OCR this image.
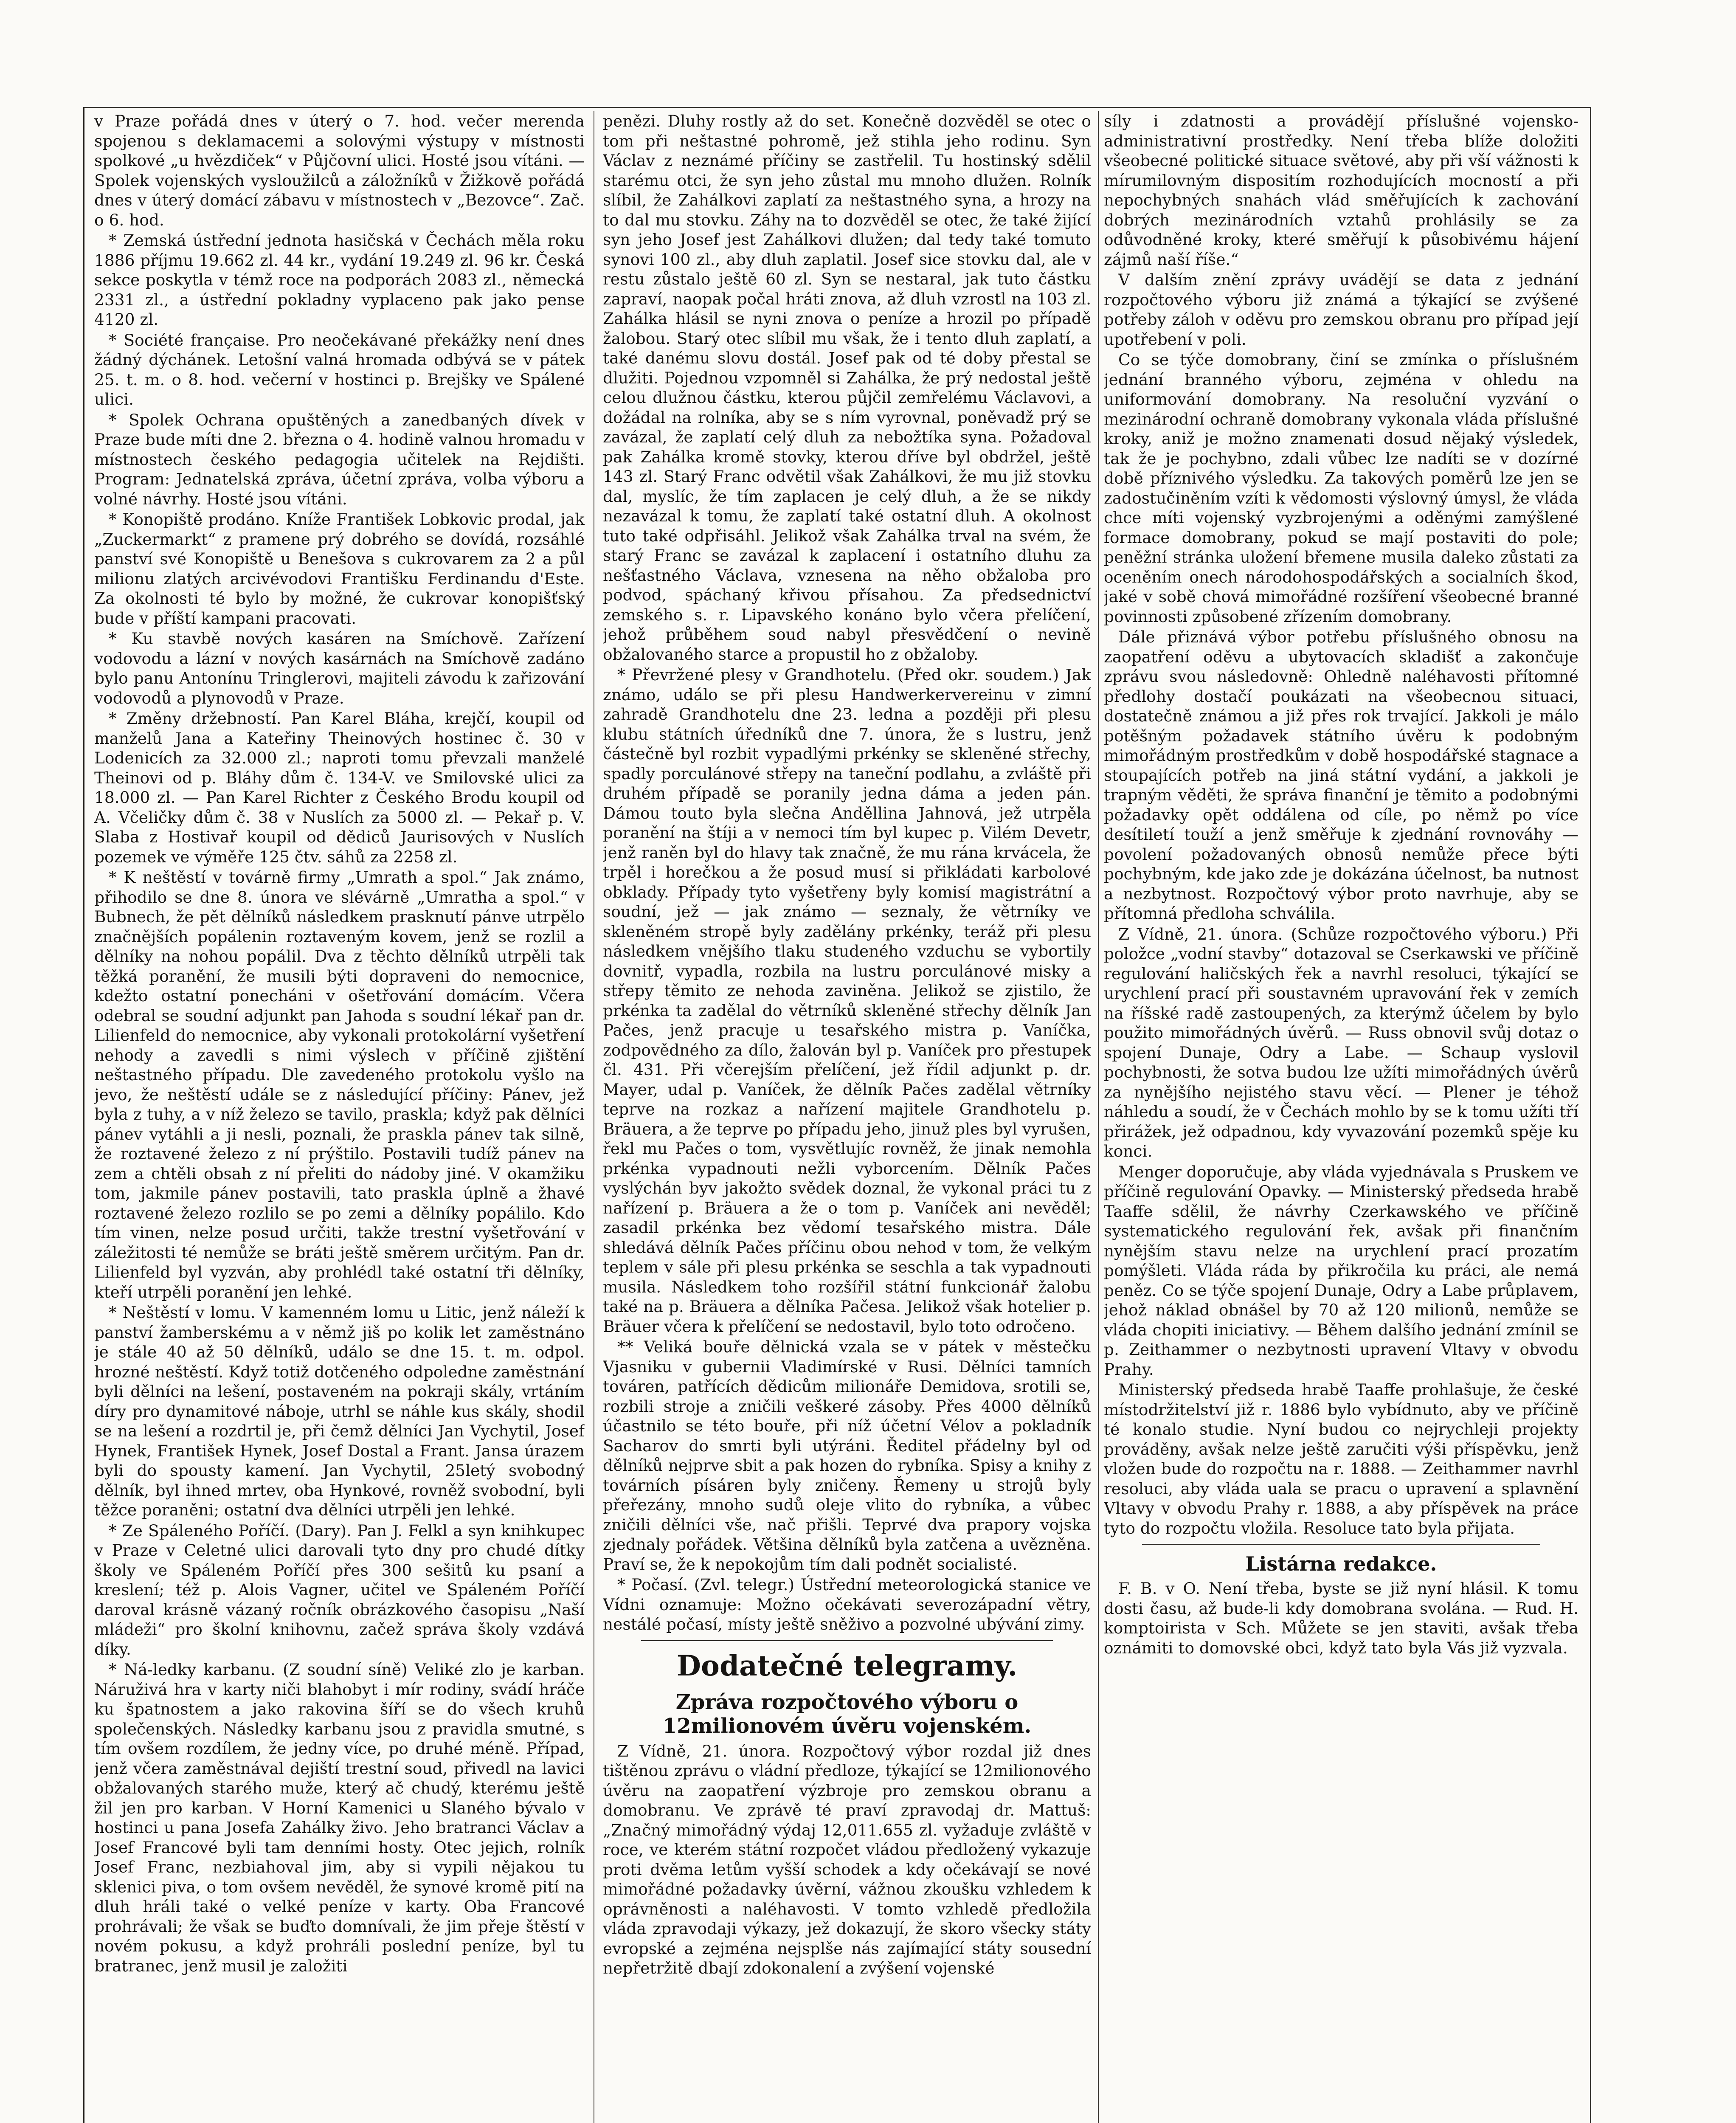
v Praze pořádá dnes v úterý o 7. hod. večer merenda spojenou s deklamacemi a solovými výstupy v místnosti spolkové „u hvězdiček“ v Půjčovní ulici. Hosté jsou vítáni. — Spolek vojenských vysloužilců a záložníků v Žižkově pořádá dnes v úterý domácí zábavu v místnostech v „Bezovce“. Zač. o 6. hod.

* Zemská ústřední jednota hasičská v Čechách měla roku 1886 příjmu 19.662 zl. 44 kr., vydání 19.249 zl. 96 kr. Česká sekce poskytla v témž roce na podporách 2083 zl., německá 2331 zl., a ústřední pokladny vyplaceno pak jako pense 4120 zl.

* Société française. Pro neočekávané překážky není dnes žádný dýchánek. Letošní valná hromada odbývá se v pátek 25. t. m. o 8. hod. večerní v hostinci p. Brejšky ve Spálené ulici.

* Spolek Ochrana opuštěných a zanedbaných dívek v Praze bude míti dne 2. března o 4. hodině valnou hromadu v místnostech českého pedagogia učitelek na Rejdišti. Program: Jednatelská zpráva, účetní zpráva, volba výboru a volné návrhy. Hosté jsou vítáni.

* Konopiště prodáno. Kníže František Lobkovic prodal, jak „Zuckermarkt“ z pramene prý dobrého se dovídá, rozsáhlé panství své Konopiště u Benešova s cukrovarem za 2 a půl milionu zlatých arcivévodovi Františku Ferdinandu d'Este. Za okolnosti té bylo by možné, že cukrovar konopišťský bude v příští kampani pracovati.

* Ku stavbě nových kasáren na Smíchově. Zařízení vodovodu a lázní v nových kasárnách na Smíchově zadáno bylo panu Antonínu Tringlerovi, majiteli závodu k zařizování vodovodů a plynovodů v Praze.

* Změny držebností. Pan Karel Bláha, krejčí, koupil od manželů Jana a Kateřiny Theinových hostinec č. 30 v Lodenicích za 32.000 zl.; naproti tomu převzali manželé Theinovi od p. Bláhy dům č. 134-V. ve Smilovské ulici za 18.000 zl. — Pan Karel Richter z Českého Brodu koupil od A. Včeličky dům č. 38 v Nuslích za 5000 zl. — Pekař p. V. Slaba z Hostivař koupil od dědiců Jaurisových v Nuslích pozemek ve výměře 125 čtv. sáhů za 2258 zl.

* K neštěstí v továrně firmy „Umrath a spol.“ Jak známo, přihodilo se dne 8. února ve slévárně „Umratha a spol.“ v Bubnech, že pět dělníků následkem prasknutí pánve utrpělo značnějších popálenin roztaveným kovem, jenž se rozlil a dělníky na nohou popálil. Dva z těchto dělníků utrpěli tak těžká poranění, že musili býti dopraveni do nemocnice, kdežto ostatní ponecháni v ošetřování domácím. Včera odebral se soudní adjunkt pan Jahoda s soudní lékař pan dr. Lilienfeld do nemocnice, aby vykonali protokolární vyšetření nehody a zavedli s nimi výslech v příčině zjištění neštastného případu. Dle zavedeného protokolu vyšlo na jevo, že neštěstí udále se z následující příčiny: Pánev, jež byla z tuhy, a v níž železo se tavilo, praskla; když pak dělníci pánev vytáhli a ji nesli, poznali, že praskla pánev tak silně, že roztavené železo z ní prýštilo. Postavili tudíž pánev na zem a chtěli obsah z ní přeliti do nádoby jiné. V okamžiku tom, jakmile pánev postavili, tato praskla úplně a žhavé roztavené železo rozlilo se po zemi a dělníky popálilo. Kdo tím vinen, nelze posud určiti, takže trestní vyšetřování v záležitosti té nemůže se bráti ještě směrem určitým. Pan dr. Lilienfeld byl vyzván, aby prohlédl také ostatní tři dělníky, kteří utrpěli poranění jen lehké.

* Neštěstí v lomu. V kamenném lomu u Litic, jenž náleží k panství žamberskému a v němž jiš po kolik let zaměstnáno je stále 40 až 50 dělníků, událo se dne 15. t. m. odpol. hrozné neštěstí. Když totiž dotčeného odpoledne zaměstnání byli dělníci na lešení, postaveném na pokraji skály, vrtáním díry pro dynamitové náboje, utrhl se náhle kus skály, shodil se na lešení a rozdrtil je, při čemž dělníci Jan Vychytil, Josef Hynek, František Hynek, Josef Dostal a Frant. Jansa úrazem byli do spousty kamení. Jan Vychytil, 25letý svobodný dělník, byl ihned mrtev, oba Hynkové, rovněž svobodní, byli těžce poraněni; ostatní dva dělníci utrpěli jen lehké.

* Ze Spáleného Poříčí. (Dary). Pan J. Felkl a syn knihkupec v Praze v Celetné ulici darovali tyto dny pro chudé dítky školy ve Spáleném Poříčí přes 300 sešitů ku psaní a kreslení; též p. Alois Vagner, učitel ve Spáleném Poříčí daroval krásně vázaný ročník obrázkového časopisu „Naší mládeži“ pro školní knihovnu, začež správa školy vzdává díky.

* Ná-ledky karbanu. (Z soudní síně) Veliké zlo je karban. Náruživá hra v karty niči blahobyt i mír rodiny, svádí hráče ku špatnostem a jako rakovina šíří se do všech kruhů společenských. Následky karbanu jsou z pravidla smutné, s tím ovšem rozdílem, že jedny více, po druhé méně. Případ, jenž včera zaměstnával dejiští trestní soud, přivedl na lavici obžalovaných starého muže, který ač chudý, kterému ještě žil jen pro karban. V Horní Kamenici u Slaného bývalo v hostinci u pana Josefa Zahálky živo. Jeho bratranci Václav a Josef Francové byli tam denními hosty. Otec jejich, rolník Josef Franc, nezbiahoval jim, aby si vypili nějakou tu sklenici piva, o tom ovšem nevěděl, že synové kromě pití na dluh hráli také o velké peníze v karty. Oba Francové prohrávali; že však se buďto domnívali, že jim přeje štěstí v novém pokusu, a když prohráli poslední peníze, byl tu bratranec, jenž musil je založiti

penězi. Dluhy rostly až do set. Konečně dozvěděl se otec o tom při neštastné pohromě, jež stihla jeho rodinu. Syn Václav z neznámé příčiny se zastřelil. Tu hostinský sdělil starému otci, že syn jeho zůstal mu mnoho dlužen. Rolník slíbil, že Zahálkovi zaplatí za neštastného syna, a hrozy na to dal mu stovku. Záhy na to dozvěděl se otec, že také žijící syn jeho Josef jest Zahálkovi dlužen; dal tedy také tomuto synovi 100 zl., aby dluh zaplatil. Josef sice stovku dal, ale v restu zůstalo ještě 60 zl. Syn se nestaral, jak tuto částku zapraví, naopak počal hráti znova, až dluh vzrostl na 103 zl. Zahálka hlásil se nyni znova o peníze a hrozil po případě žalobou. Starý otec slíbil mu však, že i tento dluh zaplatí, a také danému slovu dostál. Josef pak od té doby přestal se dlužiti. Pojednou vzpomněl si Zahálka, že prý nedostal ještě celou dlužnou částku, kterou půjčil zemřelému Václavovi, a dožádal na rolníka, aby se s ním vyrovnal, poněvadž prý se zavázal, že zaplatí celý dluh za nebožtíka syna. Požadoval pak Zahálka kromě stovky, kterou dříve byl obdržel, ještě 143 zl. Starý Franc odvětil však Zahálkovi, že mu již stovku dal, myslíc, že tím zaplacen je celý dluh, a že se nikdy nezavázal k tomu, že zaplatí také ostatní dluh. A okolnost tuto také odpřisáhl. Jelikož však Zahálka trval na svém, že starý Franc se zavázal k zaplacení i ostatního dluhu za nešťastného Václava, vznesena na něho obžaloba pro podvod, spáchaný křivou přísahou. Za předsednictví zemského s. r. Lipavského konáno bylo včera přelíčení, jehož průběhem soud nabyl přesvědčení o nevině obžalovaného starce a propustil ho z obžaloby.

* Převržené plesy v Grandhotelu. (Před okr. soudem.) Jak známo, událo se při plesu Handwerkervereinu v zimní zahradě Grandhotelu dne 23. ledna a později při plesu klubu státních úředníků dne 7. února, že s lustru, jenž částečně byl rozbit vypadlými prkénky se skleněné střechy, spadly porculánové střepy na taneční podlahu, a zvláště při druhém případě se poranily jedna dáma a jeden pán. Dámou touto byla slečna Anděllina Jahnová, jež utrpěla poranění na štíji a v nemoci tím byl kupec p. Vilém Devetr, jenž raněn byl do hlavy tak značně, že mu rána krvácela, že trpěl i horečkou a že posud musí si přikládati karbolové obklady. Případy tyto vyšetřeny byly komisí magistrátní a soudní, jež — jak známo — seznaly, že větrníky ve skleněném stropě byly zadělány prkénky, teráž při plesu následkem vnějšího tlaku studeného vzduchu se vybortily dovnitř, vypadla, rozbila na lustru porculánové misky a střepy těmito ze nehoda zaviněna. Jelikož se zjistilo, že prkénka ta zadělal do větrníků skleněné střechy dělník Jan Pačes, jenž pracuje u tesařského mistra p. Vaníčka, zodpovědného za dílo, žalován byl p. Vaníček pro přestupek čl. 431. Při včerejším přelíčení, jež řídil adjunkt p. dr. Mayer, udal p. Vaníček, že dělník Pačes zadělal větrníky teprve na rozkaz a nařízení majitele Grandhotelu p. Bräuera, a že teprve po případu jeho, jinuž ples byl vyrušen, řekl mu Pačes o tom, vysvětlujíc rovněž, že jinak nemohla prkénka vypadnouti nežli vyborcením. Dělník Pačes vyslýchán byv jakožto svědek doznal, že vykonal práci tu z nařízení p. Bräuera a že o tom p. Vaníček ani nevěděl; zasadil prkénka bez vědomí tesařského mistra. Dále shledává dělník Pačes příčinu obou nehod v tom, že velkým teplem v sále při plesu prkénka se seschla a tak vypadnouti musila. Následkem toho rozšířil státní funkcionář žalobu také na p. Bräuera a dělníka Pačesa. Jelikož však hotelier p. Bräuer včera k přelíčení se nedostavil, bylo toto odročeno.

** Veliká bouře dělnická vzala se v pátek v městečku Vjasniku v gubernii Vladimírské v Rusi. Dělníci tamních továren, patřících dědicům milionáře Demidova, srotili se, rozbili stroje a zničili veškeré zásoby. Přes 4000 dělníků účastnilo se této bouře, při níž účetní Vélov a pokladník Sacharov do smrti byli utýráni. Ředitel přádelny byl od dělníků nejprve sbit a pak hozen do rybníka. Spisy a knihy z továrních písáren byly zničeny. Řemeny u strojů byly přeřezány, mnoho sudů oleje vlito do rybníka, a vůbec zničili dělníci vše, nač přišli. Teprvé dva prapory vojska zjednaly pořádek. Většina dělníků byla zatčena a uvězněna. Praví se, že k nepokojům tím dali podnět socialisté.

* Počasí. (Zvl. telegr.) Ústřední meteorologická stanice ve Vídni oznamuje: Možno očekávati severozápadní větry, nestálé počasí, místy ještě sněživo a pozvolné ubývání zimy.

Dodatečné telegramy.
Zpráva rozpočtového výboru o 12milionovém úvěru vojenském.

Z Vídně, 21. února. Rozpočtový výbor rozdal již dnes tištěnou zprávu o vládní předloze, týkající se 12milionového úvěru na zaopatření výzbroje pro zemskou obranu a domobranu. Ve zprávě té praví zpravodaj dr. Mattuš: „Značný mimořádný výdaj 12,011.655 zl. vyžaduje zvláště v roce, ve kterém státní rozpočet vládou předložený vykazuje proti dvěma letům vyšší schodek a kdy očekávají se nové mimořádné požadavky úvěrní, vážnou zkoušku vzhledem k oprávněnosti a naléhavosti. V tomto vzhledě předložila vláda zpravodaji výkazy, jež dokazují, že skoro všecky státy evropské a zejména nejsplše nás zajímající státy sousední nepřetržitě dbají zdokonalení a zvýšení vojenské

síly i zdatnosti a provádějí příslušné vojensko-administrativní prostředky. Není třeba blíže doložiti všeobecné politické situace světové, aby při vší vážnosti k mírumilovným dispositím rozhodujících mocností a při nepochybných snahách vlád směřujících k zachování dobrých mezinárodních vztahů prohlásily se za odůvodněné kroky, které směřují k působivému hájení zájmů naší říše.“

V dalším znění zprávy uvádějí se data z jednání rozpočtového výboru již známá a týkající se zvýšené potřeby záloh v oděvu pro zemskou obranu pro případ její upotřebení v poli.

Co se týče domobrany, činí se zmínka o příslušném jednání branného výboru, zejména v ohledu na uniformování domobrany. Na resoluční vyzvání o mezinárodní ochraně domobrany vykonala vláda příslušné kroky, aniž je možno znamenati dosud nějaký výsledek, tak že je pochybno, zdali vůbec lze nadíti se v dozírné době příznivého výsledku. Za takových poměrů lze jen se zadostučiněním vzíti k vědomosti výslovný úmysl, že vláda chce míti vojenský vyzbrojenými a oděnými zamýšlené formace domobrany, pokud se mají postaviti do pole; peněžní stránka uložení břemene musila daleko zůstati za oceněním onech národohospodářských a socialních škod, jaké v sobě chová mimořádné rozšíření všeobecné branné povinnosti způsobené zřízením domobrany.

Dále přiznává výbor potřebu příslušného obnosu na zaopatření oděvu a ubytovacích skladišť a zakončuje zprávu svou následovně: Ohledně naléhavosti přítomné předlohy dostačí poukázati na všeobecnou situaci, dostatečně známou a již přes rok trvající. Jakkoli je málo potěšným požadavek státního úvěru k podobným mimořádným prostředkům v době hospodářské stagnace a stoupajících potřeb na jiná státní vydání, a jakkoli je trapným věděti, že správa finanční je těmito a podobnými požadavky opět oddálena od cíle, po němž po více desítiletí touží a jenž směřuje k zjednání rovnováhy — povolení požadovaných obnosů nemůže přece býti pochybným, kde jako zde je dokázána účelnost, ba nutnost a nezbytnost. Rozpočtový výbor proto navrhuje, aby se přítomná předloha schválila.

Z Vídně, 21. února. (Schůze rozpočtového výboru.) Při položce „vodní stavby“ dotazoval se Cserkawski ve příčině regulování haličských řek a navrhl resoluci, týkající se urychlení prací při soustavném upravování řek v zemích na říšské radě zastoupených, za kterýmž účelem by bylo použito mimořádných úvěrů. — Russ obnovil svůj dotaz o spojení Dunaje, Odry a Labe. — Schaup vyslovil pochybnosti, že sotva budou lze užíti mimořádných úvěrů za nynějšího nejistého stavu věcí. — Plener je téhož náhledu a soudí, že v Čechách mohlo by se k tomu užíti tří přirážek, jež odpadnou, kdy vyvazování pozemků spěje ku konci.

Menger doporučuje, aby vláda vyjednávala s Pruskem ve příčině regulování Opavky. — Ministerský předseda hrabě Taaffe sdělil, že návrhy Czerkawského ve příčině systematického regulování řek, avšak při finančním nynějším stavu nelze na urychlení prací prozatím pomýšleti. Vláda ráda by přikročila ku práci, ale nemá peněz. Co se týče spojení Dunaje, Odry a Labe průplavem, jehož náklad obnášel by 70 až 120 milionů, nemůže se vláda chopiti iniciativy. — Během dalšího jednání zmínil se p. Zeithammer o nezbytnosti upravení Vltavy v obvodu Prahy.

Ministerský předseda hrabě Taaffe prohlašuje, že české místodržitelství již r. 1886 bylo vybídnuto, aby ve příčině té konalo studie. Nyní budou co nejrychleji projekty prováděny, avšak nelze ještě zaručiti výši příspěvku, jenž vložen bude do rozpočtu na r. 1888. — Zeithammer navrhl resoluci, aby vláda uala se pracu o upravení a splavnění Vltavy v obvodu Prahy r. 1888, a aby příspěvek na práce tyto do rozpočtu vložila. Resoluce tato byla přijata.

Listárna redakce.

F. B. v O. Není třeba, byste se již nyní hlásil. K tomu dosti času, až bude-li kdy domobrana svolána. — Rud. H. komptoirista v Sch. Můžete se jen staviti, avšak třeba oznámiti to domovské obci, když tato byla Vás již vyzvala.
